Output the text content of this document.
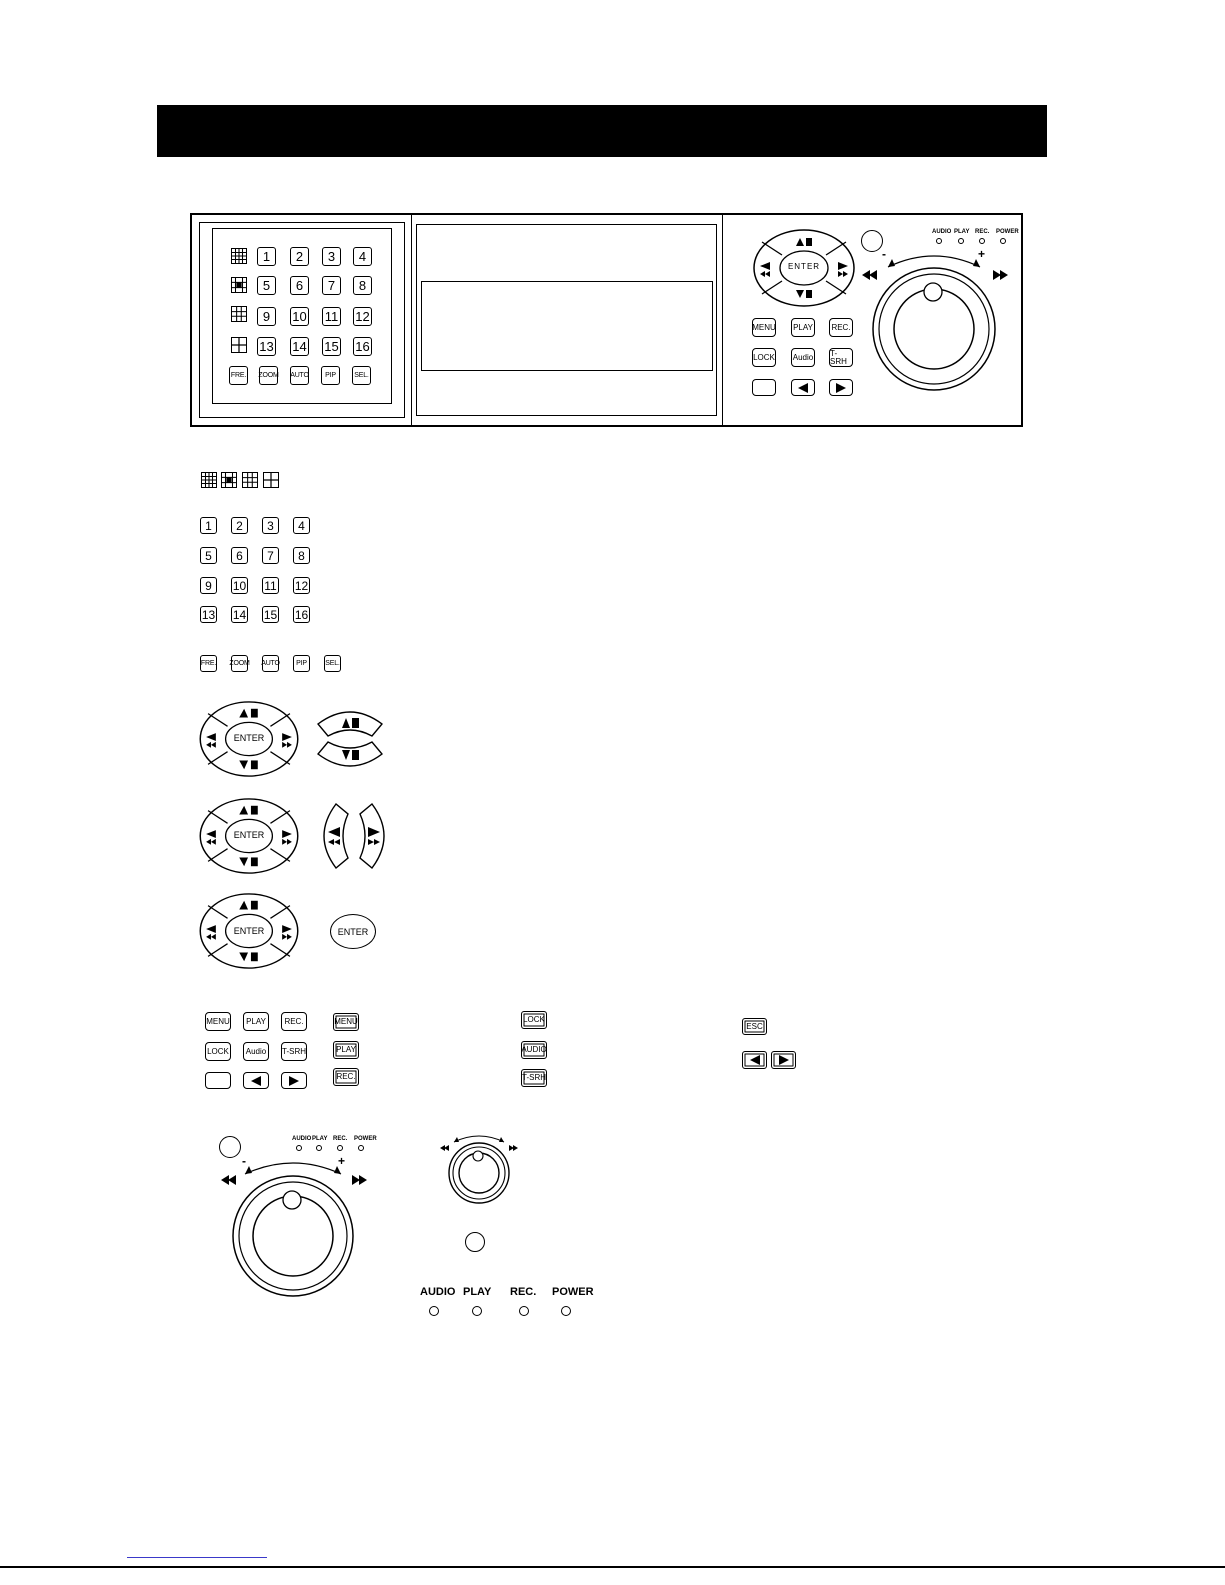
1	2	3	4
5	6	7	8
9	10 11 12
13 14 15 16
FRE. ZOOM AUTO	PIP	SEL.
ENTER
MENU PLAY	REC.
LOCK Audio T-SRH
AUDIO PLAY REC. POWER
-	+
1	2	3	4
5	6	7	8
9	10 11 12
13 14 15 16
FRE. ZOOM AUTO	PIP	SEL.
ENTER
ENTER
ENTER	ENTER
MENU	PLAY	REC.
LOCK	Audio	T-SRH
MENU
PLAY
REC.
LOCK
AUDIO
T-SRH
ESC
AUDIO PLAY REC. POWER
-	+
AUDIO PLAY REC. POWER
